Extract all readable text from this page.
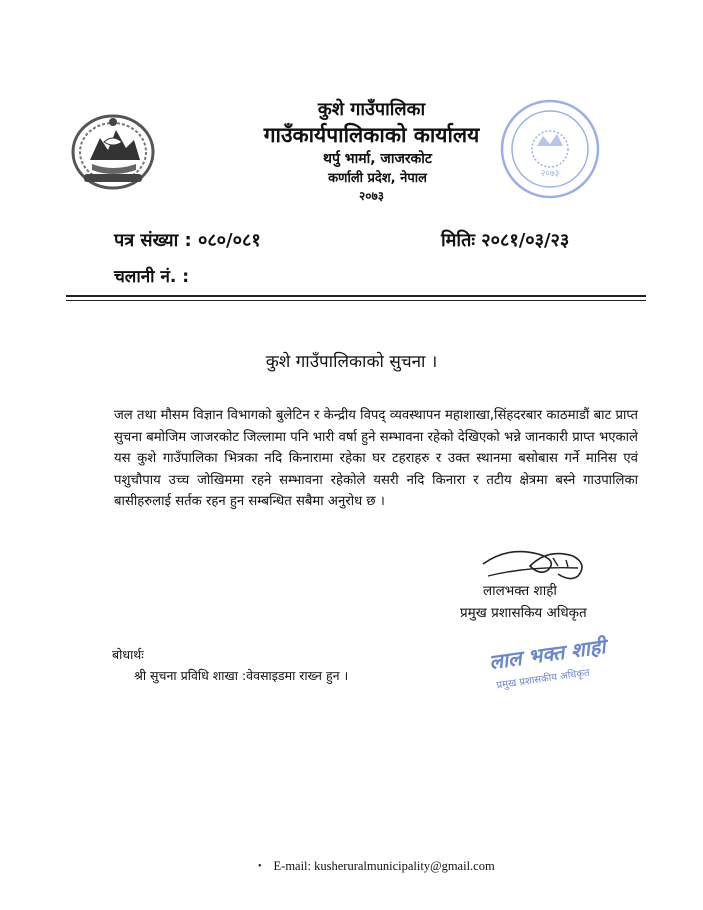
२०७३
कुशे गाउँपालिका
गाउँकार्यपालिकाको कार्यालय
थर्पु भार्मा, जाजरकोट
कर्णाली प्रदेश, नेपाल
२०७३
पत्र संख्या : ०८०/०८१	मितिः २०८१/०३/२३
चलानी नं. :
कुशे गाउँपालिकाको सुचना ।
जल तथा मौसम विज्ञान विभागको बुलेटिन र केन्द्रीय विपद् व्यवस्थापन महाशाखा,सिंहदरबार काठमाडौं बाट प्राप्त सुचना बमोजिम जाजरकोट जिल्लामा पनि भारी वर्षा हुने सम्भावना रहेको देखिएको भन्ने जानकारी प्राप्त भएकाले यस कुशे गाउँपालिका भित्रका नदि किनारामा रहेका घर टहराहरु र उक्त स्थानमा बसोबास गर्ने मानिस एवं पशुचौपाय उच्च जोखिममा रहने सम्भावना रहेकोले यसरी नदि किनारा र तटीय क्षेत्रमा बस्ने गाउपालिका बासीहरुलाई सर्तक रहन हुन सम्बन्धित सबैमा अनुरोध छ ।
लालभक्त शाही
प्रमुख प्रशासकिय अधिकृत
लाल भक्त शाही
प्रमुख प्रशासकीय अधिकृत
बोधार्थः
श्री सुचना प्रविधि शाखा :वेवसाइडमा राख्न हुन ।
• E-mail: kusheruralmunicipality@gmail.com
